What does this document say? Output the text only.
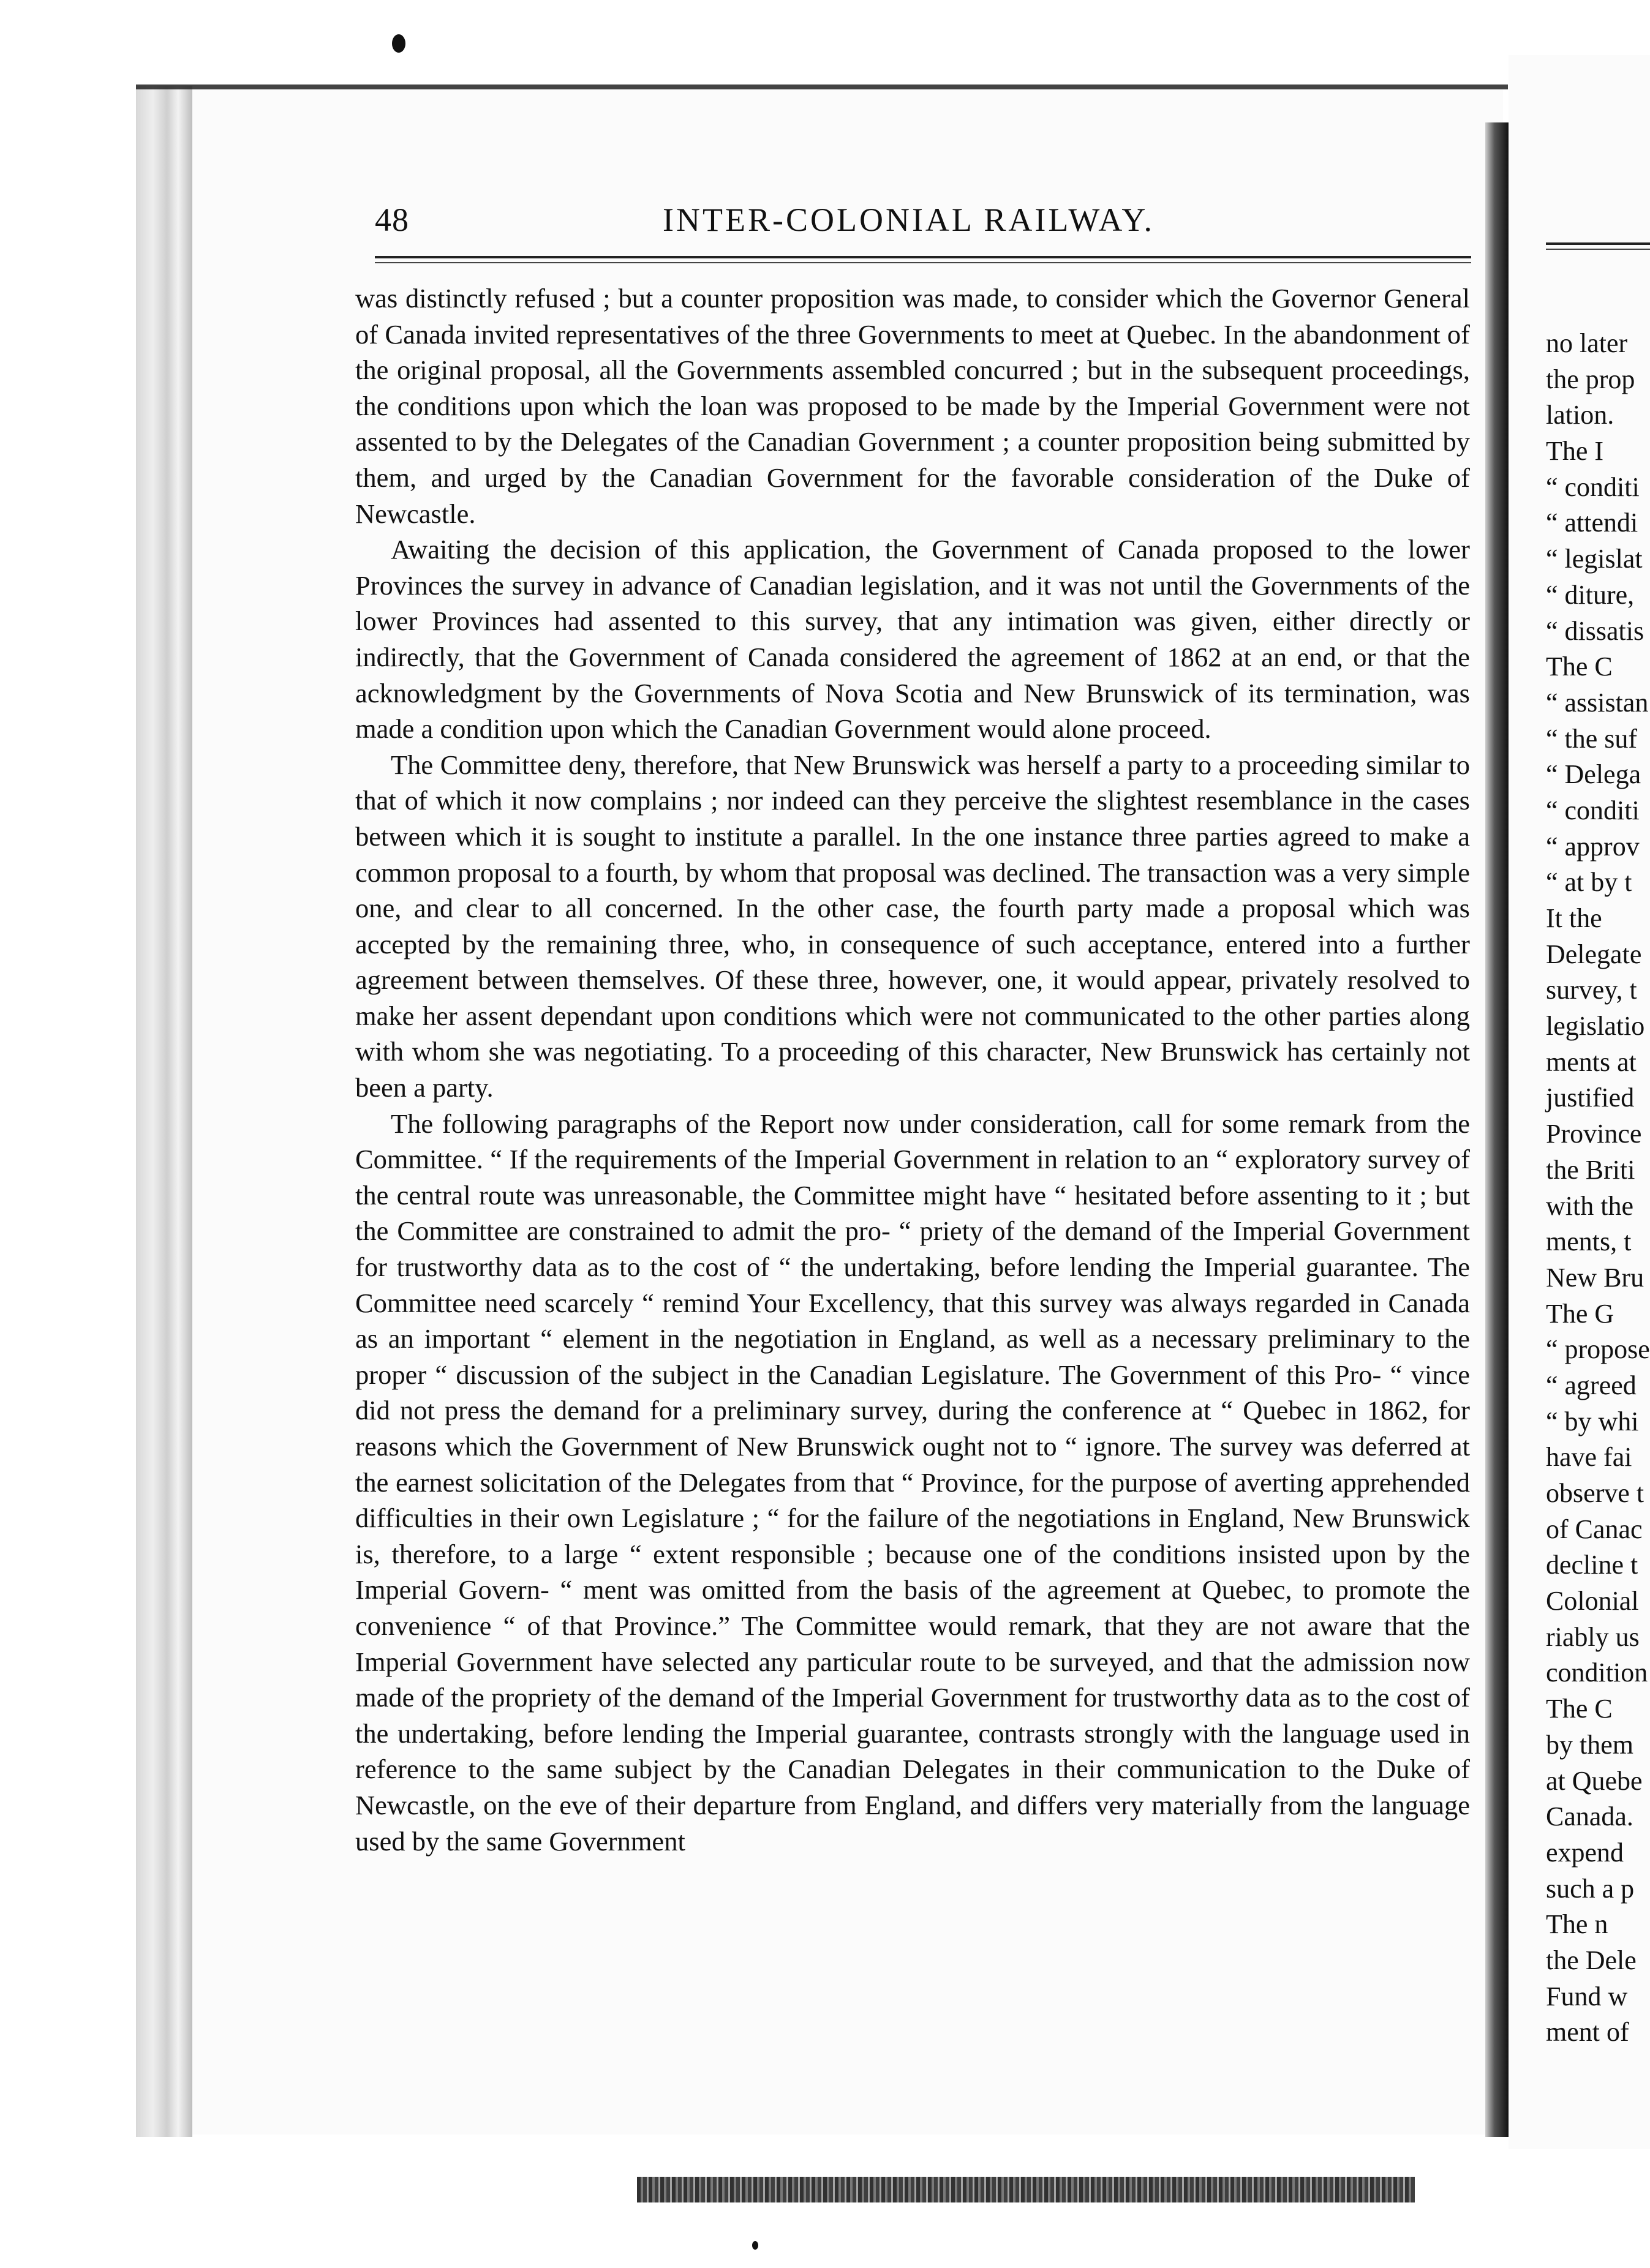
48	INTER-COLONIAL RAILWAY.

was distinctly refused ; but a counter proposition was made, to consider which the Governor General of Canada invited representatives of the three Governments to meet at Quebec. In the abandonment of the original proposal, all the Governments assembled concurred ; but in the subsequent proceedings, the conditions upon which the loan was proposed to be made by the Imperial Government were not assented to by the Delegates of the Canadian Government ; a counter proposition being submitted by them, and urged by the Canadian Government for the favorable consideration of the Duke of Newcastle.

Awaiting the decision of this application, the Government of Canada proposed to the lower Provinces the survey in advance of Canadian legislation, and it was not until the Governments of the lower Provinces had assented to this survey, that any intimation was given, either directly or indirectly, that the Government of Canada considered the agreement of 1862 at an end, or that the acknowledgment by the Governments of Nova Scotia and New Brunswick of its termination, was made a condition upon which the Canadian Government would alone proceed.

The Committee deny, therefore, that New Brunswick was herself a party to a proceeding similar to that of which it now complains ; nor indeed can they perceive the slightest resemblance in the cases between which it is sought to institute a parallel. In the one instance three parties agreed to make a common proposal to a fourth, by whom that proposal was declined. The transaction was a very simple one, and clear to all concerned. In the other case, the fourth party made a proposal which was accepted by the remaining three, who, in consequence of such acceptance, entered into a further agreement between themselves. Of these three, however, one, it would appear, privately resolved to make her assent dependant upon conditions which were not communicated to the other parties along with whom she was negotiating. To a proceeding of this character, New Brunswick has certainly not been a party.

The following paragraphs of the Report now under consideration, call for some remark from the Committee. “ If the requirements of the Imperial Government in relation to an “ exploratory survey of the central route was unreasonable, the Committee might have “ hesitated before assenting to it ; but the Committee are constrained to admit the pro- “ priety of the demand of the Imperial Government for trustworthy data as to the cost of “ the undertaking, before lending the Imperial guarantee. The Committee need scarcely “ remind Your Excellency, that this survey was always regarded in Canada as an important “ element in the negotiation in England, as well as a necessary preliminary to the proper “ discussion of the subject in the Canadian Legislature. The Government of this Pro- “ vince did not press the demand for a preliminary survey, during the conference at “ Quebec in 1862, for reasons which the Government of New Brunswick ought not to “ ignore. The survey was deferred at the earnest solicitation of the Delegates from that “ Province, for the purpose of averting apprehended difficulties in their own Legislature ; “ for the failure of the negotiations in England, New Brunswick is, therefore, to a large “ extent responsible ; because one of the conditions insisted upon by the Imperial Govern- “ ment was omitted from the basis of the agreement at Quebec, to promote the convenience “ of that Province.” The Committee would remark, that they are not aware that the Imperial Government have selected any particular route to be surveyed, and that the admission now made of the propriety of the demand of the Imperial Government for trustworthy data as to the cost of the undertaking, before lending the Imperial guarantee, contrasts strongly with the language used in reference to the same subject by the Canadian Delegates in their communication to the Duke of Newcastle, on the eve of their departure from England, and differs very materially from the language used by the same Government

no later
the prop
lation.
The I
“ conditi
“ attendi
“ legislat
“ diture,
“ dissatis
The C
“ assistan
“ the suf
“ Delega
“ conditi
“ approv
“ at by t
It the
Delegate
survey, t
legislatio
ments at
justified
Province
the Briti
with the
ments, t
New Bru
The G
“ propose
“ agreed
“ by whi
have fai
observe t
of Canac
decline t
Colonial
riably us
condition
The C
by them
at Quebe
Canada.
expend
such a p
The n
the Dele
Fund w
ment of
